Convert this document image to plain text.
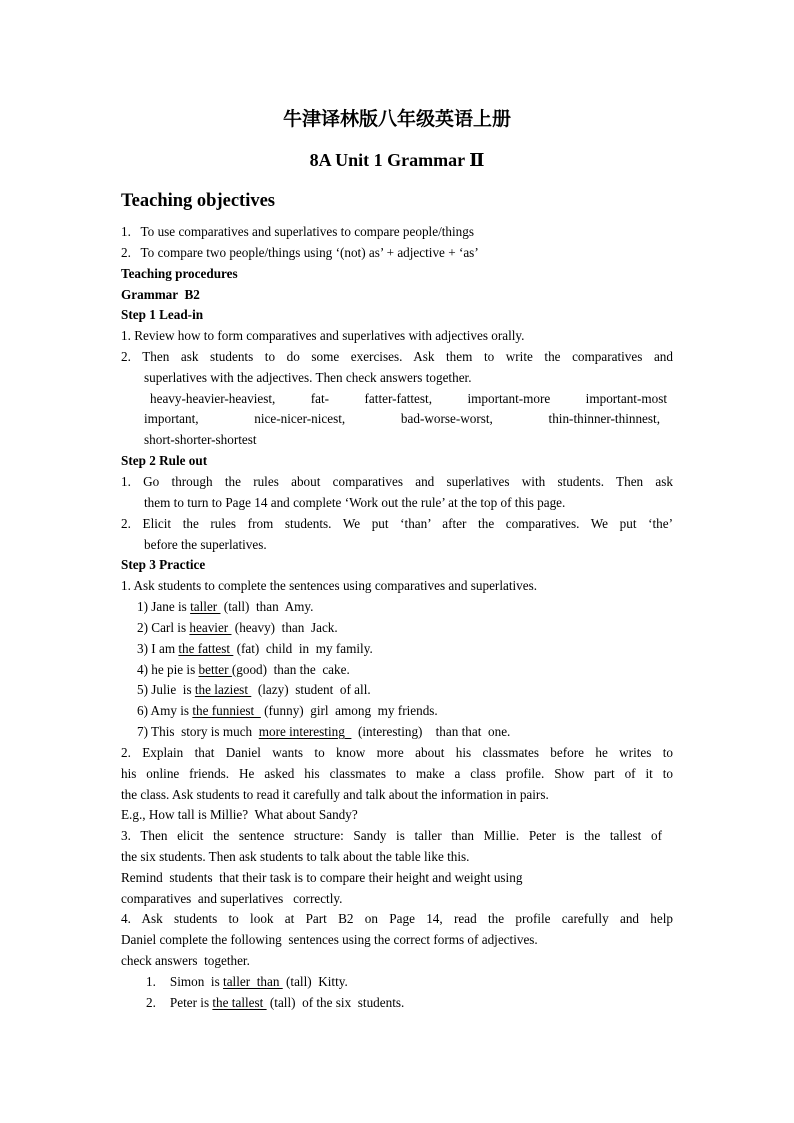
牛津译林版八年级英语上册
8A Unit 1 Grammar Ⅱ
Teaching objectives
1.   To use comparatives and superlatives to compare people/things
2.   To compare two people/things using ‘(not) as’ + adjective + ‘as’
Teaching procedures
Grammar  B2
Step 1 Lead-in
1. Review how to form comparatives and superlatives with adjectives orally.
2. Then ask students to do some exercises. Ask them to write the comparatives and
superlatives with the adjectives. Then check answers together.
heavy-heavier-heaviest, fat- fatter-fattest, important-more important-most
important, nice-nicer-nicest, bad-worse-worst, thin-thinner-thinnest,
short-shorter-shortest
Step 2 Rule out
1. Go through the rules about comparatives and superlatives with students. Then ask
them to turn to Page 14 and complete ‘Work out the rule’ at the top of this page.
2. Elicit the rules from students. We put ‘than’ after the comparatives. We put ‘the’
before the superlatives.
Step 3 Practice
1. Ask students to complete the sentences using comparatives and superlatives.
1) Jane is taller  (tall)  than  Amy.
2) Carl is heavier  (heavy)  than  Jack.
3) I am the fattest  (fat)  child  in  my family.
4) he pie is better (good)  than the  cake.
5) Julie  is the laziest   (lazy)  student  of all.
6) Amy is the funniest   (funny)  girl  among  my friends.
7) This  story is much  more interesting    (interesting)    than that  one.
2. Explain that Daniel wants to know more about his classmates before he writes to
his online friends. He asked his classmates to make a class profile. Show part of it to
the class. Ask students to read it carefully and talk about the information in pairs.
E.g., How tall is Millie?  What about Sandy?
3. Then elicit the sentence structure: Sandy is taller than Millie. Peter is the tallest of
the six students. Then ask students to talk about the table like this.
Remind  students  that their task is to compare their height and weight using
comparatives  and superlatives   correctly.
4. Ask students to look at Part B2 on Page 14, read the profile carefully and help
Daniel complete the following  sentences using the correct forms of adjectives.
check answers  together.
1. Simon  is taller  than  (tall)  Kitty.
2. Peter is the tallest  (tall)  of the six  students.
